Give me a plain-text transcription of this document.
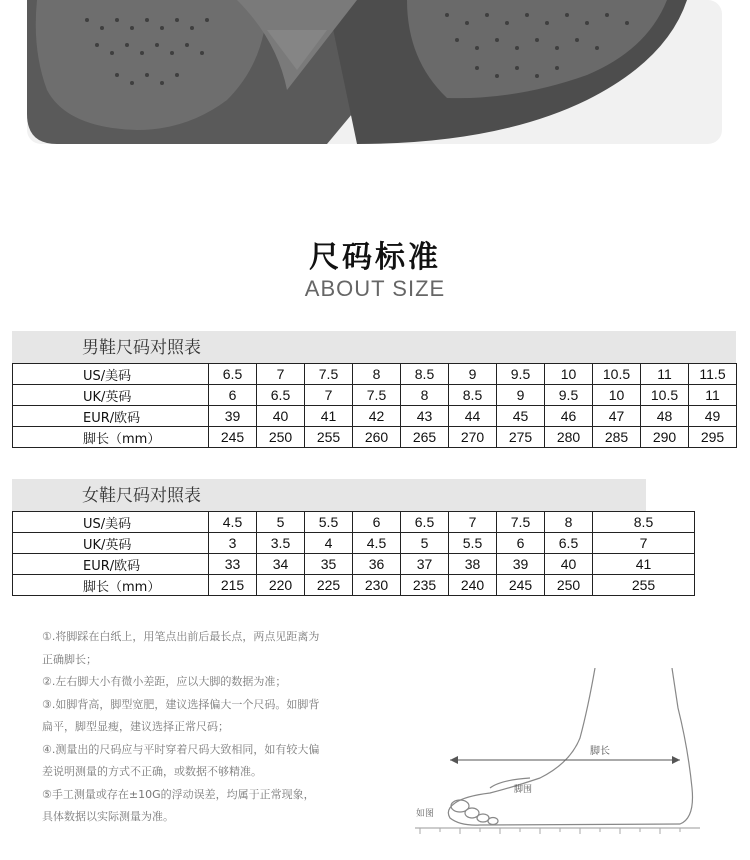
尺码标准
ABOUT SIZE
男鞋尺码对照表
US/美码	6.5	7	7.5	8	8.5	9	9.5	10	10.5	11	11.5
UK/英码	6	6.5	7	7.5	8	8.5	9	9.5	10	10.5	11
EUR/欧码	39	40	41	42	43	44	45	46	47	48	49
脚长（mm）	245	250	255	260	265	270	275	280	285	290	295
女鞋尺码对照表
US/美码	4.5	5	5.5	6	6.5	7	7.5	8	8.5
UK/英码	3	3.5	4	4.5	5	5.5	6	6.5	7
EUR/欧码	33	34	35	36	37	38	39	40	41
脚长（mm）	215	220	225	230	235	240	245	250	255

①.将脚踩在白纸上，用笔点出前后最长点，两点见距离为

正确脚长；

②.左右脚大小有微小差距，应以大脚的数据为准；

③.如脚背高，脚型宽肥，建议选择偏大一个尺码。如脚背

扁平，脚型显瘦，建议选择正常尺码；

④.测量出的尺码应与平时穿着尺码大致相同，如有较大偏

差说明测量的方式不正确，或数据不够精准。

⑤手工测量或存在±10G的浮动误差，均属于正常现象，

具体数据以实际测量为准。

脚长
脚围
如图
